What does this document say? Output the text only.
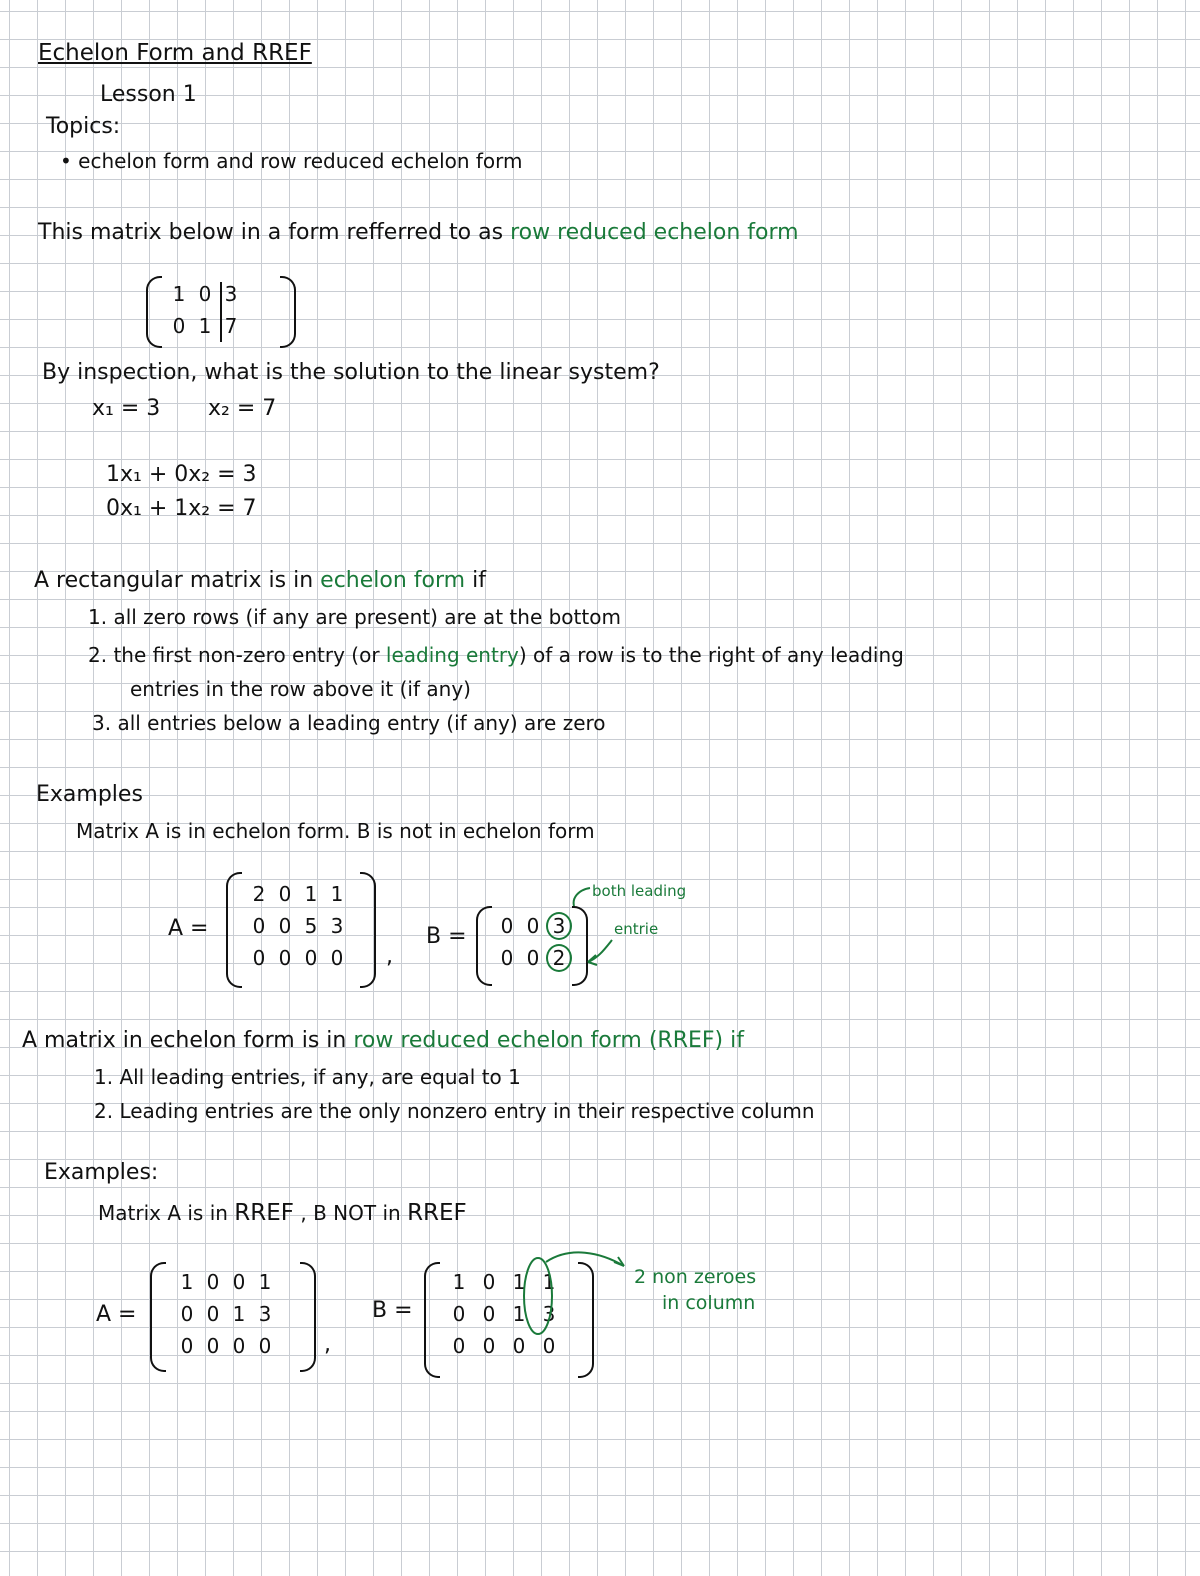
Echelon Form and RREF
Lesson 1
Topics:
• echelon form and row reduced echelon form
This matrix below in a form refferred to as row reduced echelon form
1 0 3
0 1 7
By inspection, what is the solution to the linear system?
x₁ = 3 x₂ = 7
1x₁ + 0x₂ = 3
0x₁ + 1x₂ = 7
A rectangular matrix is in echelon form if
1. all zero rows (if any are present) are at the bottom
2. the first non-zero entry (or leading entry) of a row is to the right of any leading
entries in the row above it (if any)
3. all entries below a leading entry (if any) are zero
Examples
Matrix A is in echelon form. B is not in echelon form
A =
2 0 1 1
0 0 5 3
0 0 0 0	,
B =	0 0 3
0 0 2
both leading
entrie
A matrix in echelon form is in row reduced echelon form (RREF) if
1. All leading entries, if any, are equal to 1
2. Leading entries are the only nonzero entry in their respective column
Examples:
Matrix A is in RREF , B NOT in RREF
A =
1 0 0 1
0 0 1 3
0 0 0 0	,
B =
1 0 1 1
0 0 1 3
0 0 0 0
2 non zeroes
in column
